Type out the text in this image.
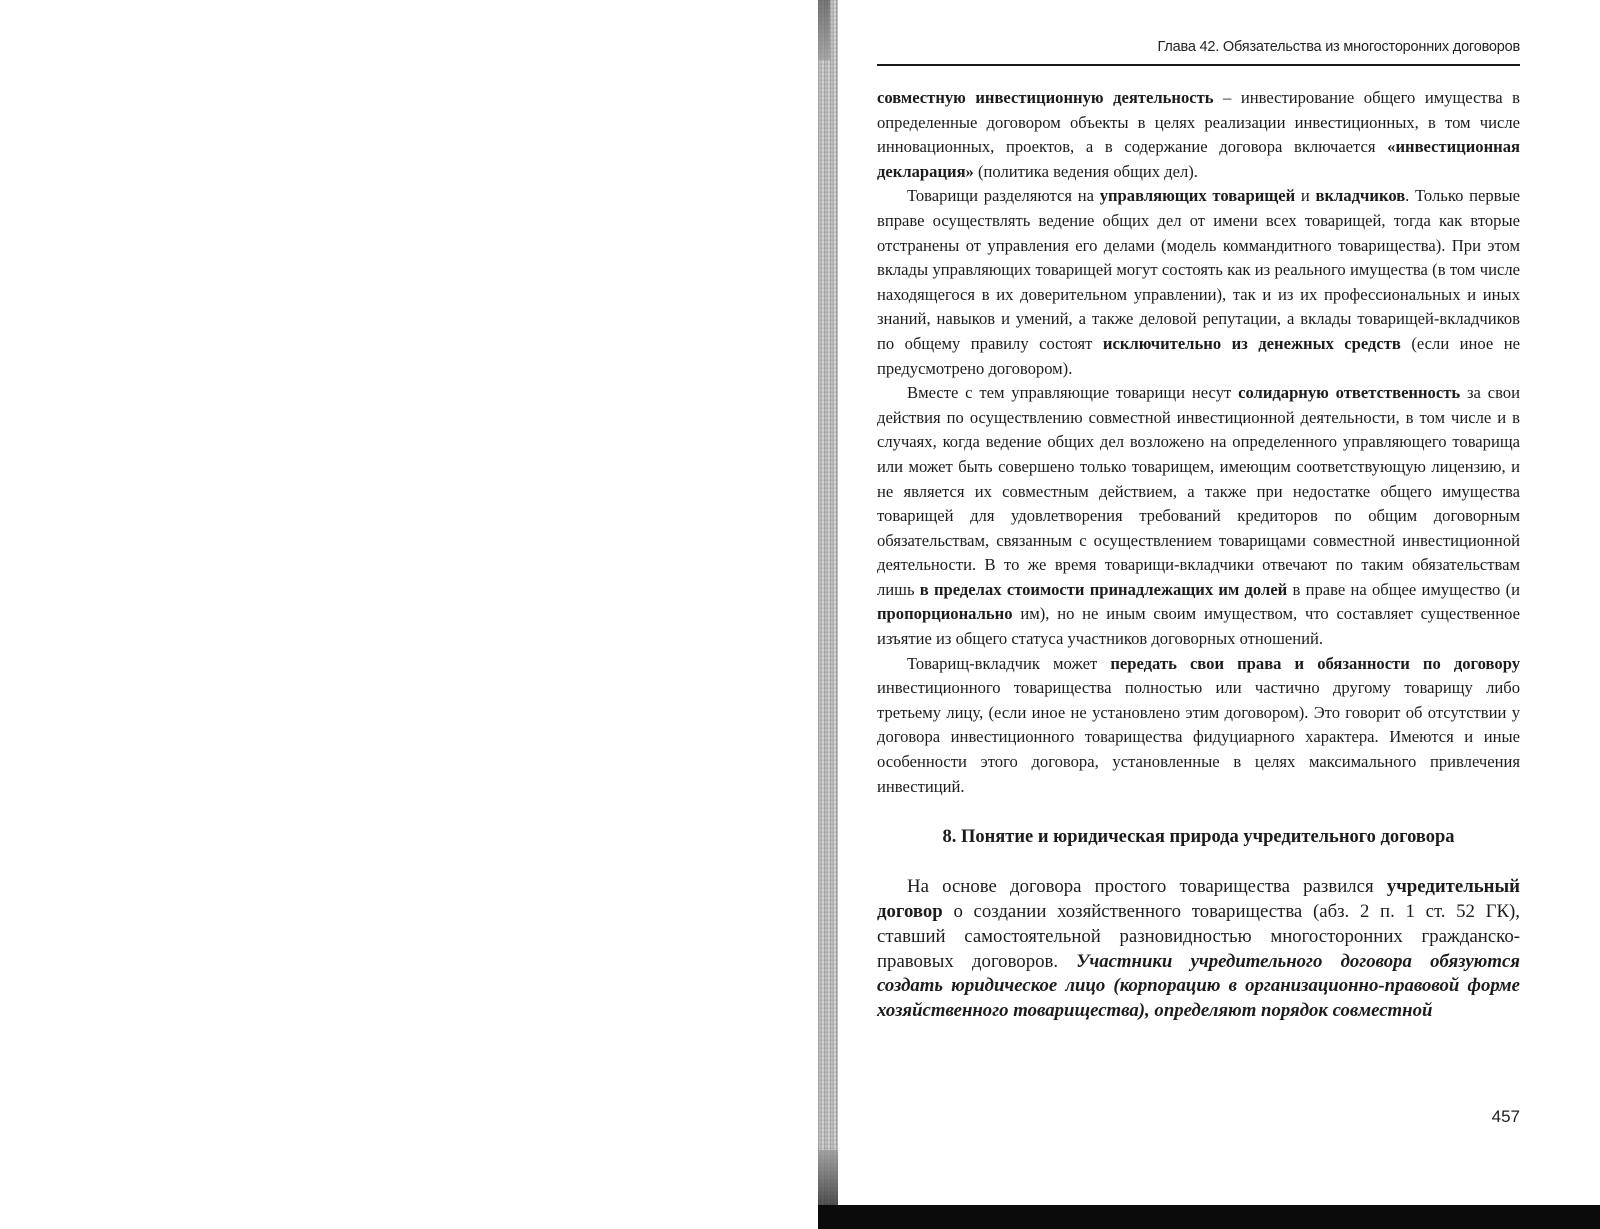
Глава 42. Обязательства из многосторонних договоров

совместную инвестиционную деятельность – инвестирование общего имущества в определенные договором объекты в целях реализации инвестиционных, в том числе инновационных, проектов, а в содержание договора включается «инвестиционная декларация» (политика ведения общих дел).

Товарищи разделяются на управляющих товарищей и вкладчиков. Только первые вправе осуществлять ведение общих дел от имени всех товарищей, тогда как вторые отстранены от управления его делами (модель коммандитного товарищества). При этом вклады управляющих товарищей могут состоять как из реального имущества (в том числе находящегося в их доверительном управлении), так и из их профессиональных и иных знаний, навыков и умений, а также деловой репутации, а вклады товарищей-вкладчиков по общему правилу состоят исключительно из денежных средств (если иное не предусмотрено договором).

Вместе с тем управляющие товарищи несут солидарную ответственность за свои действия по осуществлению совместной инвестиционной деятельности, в том числе и в случаях, когда ведение общих дел возложено на определенного управляющего товарища или может быть совершено только товарищем, имеющим соответствующую лицензию, и не является их совместным действием, а также при недостатке общего имущества товарищей для удовлетворения требований кредиторов по общим договорным обязательствам, связанным с осуществлением товарищами совместной инвестиционной деятельности. В то же время товарищи-вкладчики отвечают по таким обязательствам лишь в пределах стоимости принадлежащих им долей в праве на общее имущество (и пропорционально им), но не иным своим имуществом, что составляет существенное изъятие из общего статуса участников договорных отношений.

Товарищ-вкладчик может передать свои права и обязанности по договору инвестиционного товарищества полностью или частично другому товарищу либо третьему лицу, (если иное не установлено этим договором). Это говорит об отсутствии у договора инвестиционного товарищества фидуциарного характера. Имеются и иные особенности этого договора, установленные в целях максимального привлечения инвестиций.

8. Понятие и юридическая природа учредительного договора

На основе договора простого товарищества развился учредительный договор о создании хозяйственного товарищества (абз. 2 п. 1 ст. 52 ГК), ставший самостоятельной разновидностью многосторонних гражданско-правовых договоров. Участники учредительного договора обязуются создать юридическое лицо (корпорацию в организационно-правовой форме хозяйственного товарищества), определяют порядок совместной

457
